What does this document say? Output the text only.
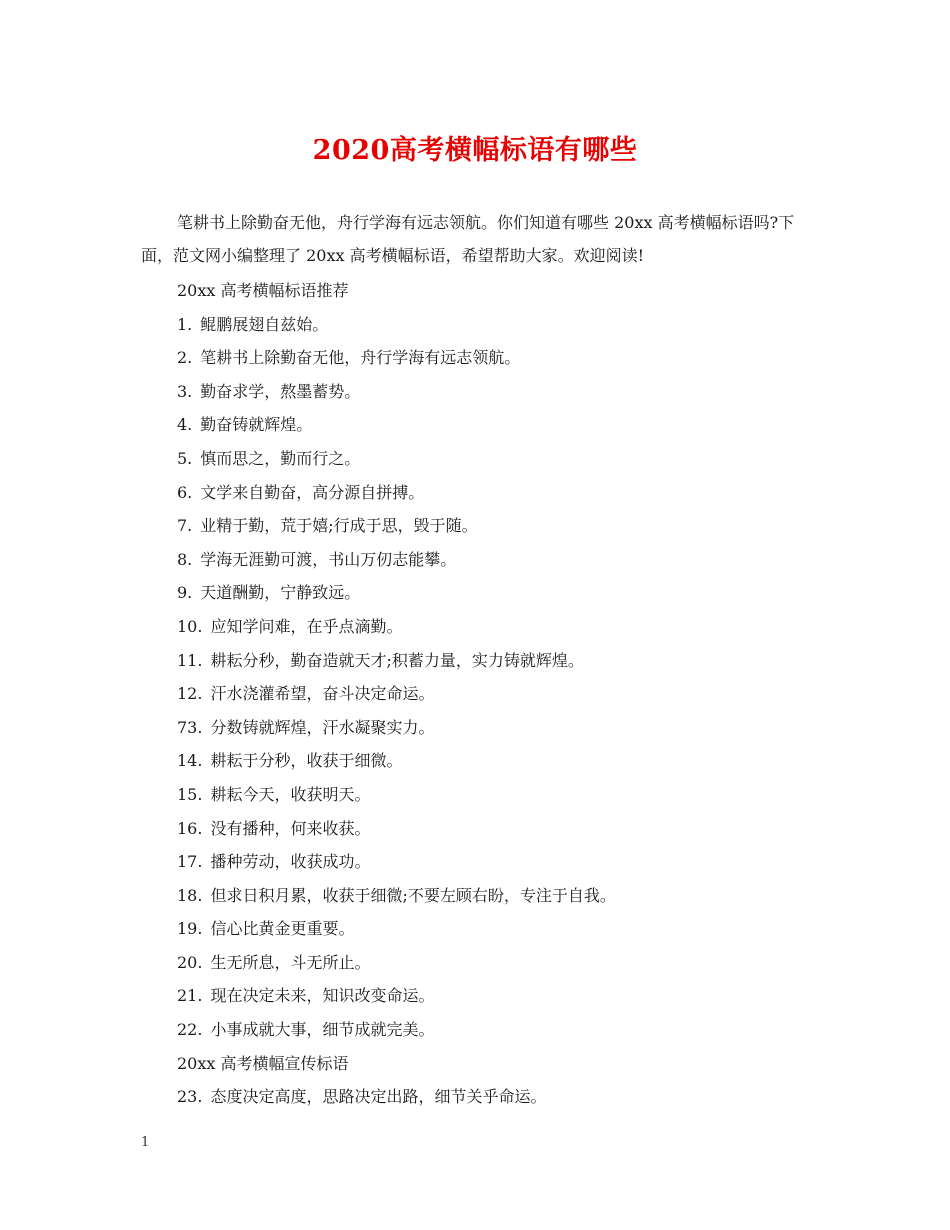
2020高考横幅标语有哪些

笔耕书上除勤奋无他，舟行学海有远志领航。你们知道有哪些 20xx 高考横幅标语吗?下面，范文网小编整理了 20xx 高考横幅标语，希望帮助大家。欢迎阅读!

20xx 高考横幅标语推荐
1. 鲲鹏展翅自兹始。
2. 笔耕书上除勤奋无他，舟行学海有远志领航。
3. 勤奋求学，熬墨蓄势。
4. 勤奋铸就辉煌。
5. 慎而思之，勤而行之。
6. 文学来自勤奋，高分源自拼搏。
7. 业精于勤，荒于嬉;行成于思，毁于随。
8. 学海无涯勤可渡，书山万仞志能攀。
9. 天道酬勤，宁静致远。
10. 应知学问难，在乎点滴勤。
11. 耕耘分秒，勤奋造就天才;积蓄力量，实力铸就辉煌。
12. 汗水浇灌希望，奋斗决定命运。
73. 分数铸就辉煌，汗水凝聚实力。
14. 耕耘于分秒，收获于细微。
15. 耕耘今天，收获明天。
16. 没有播种，何来收获。
17. 播种劳动，收获成功。
18. 但求日积月累，收获于细微;不要左顾右盼，专注于自我。
19. 信心比黄金更重要。
20. 生无所息，斗无所止。
21. 现在决定未来，知识改变命运。
22. 小事成就大事，细节成就完美。
20xx 高考横幅宣传标语
23. 态度决定高度，思路决定出路，细节关乎命运。
1
